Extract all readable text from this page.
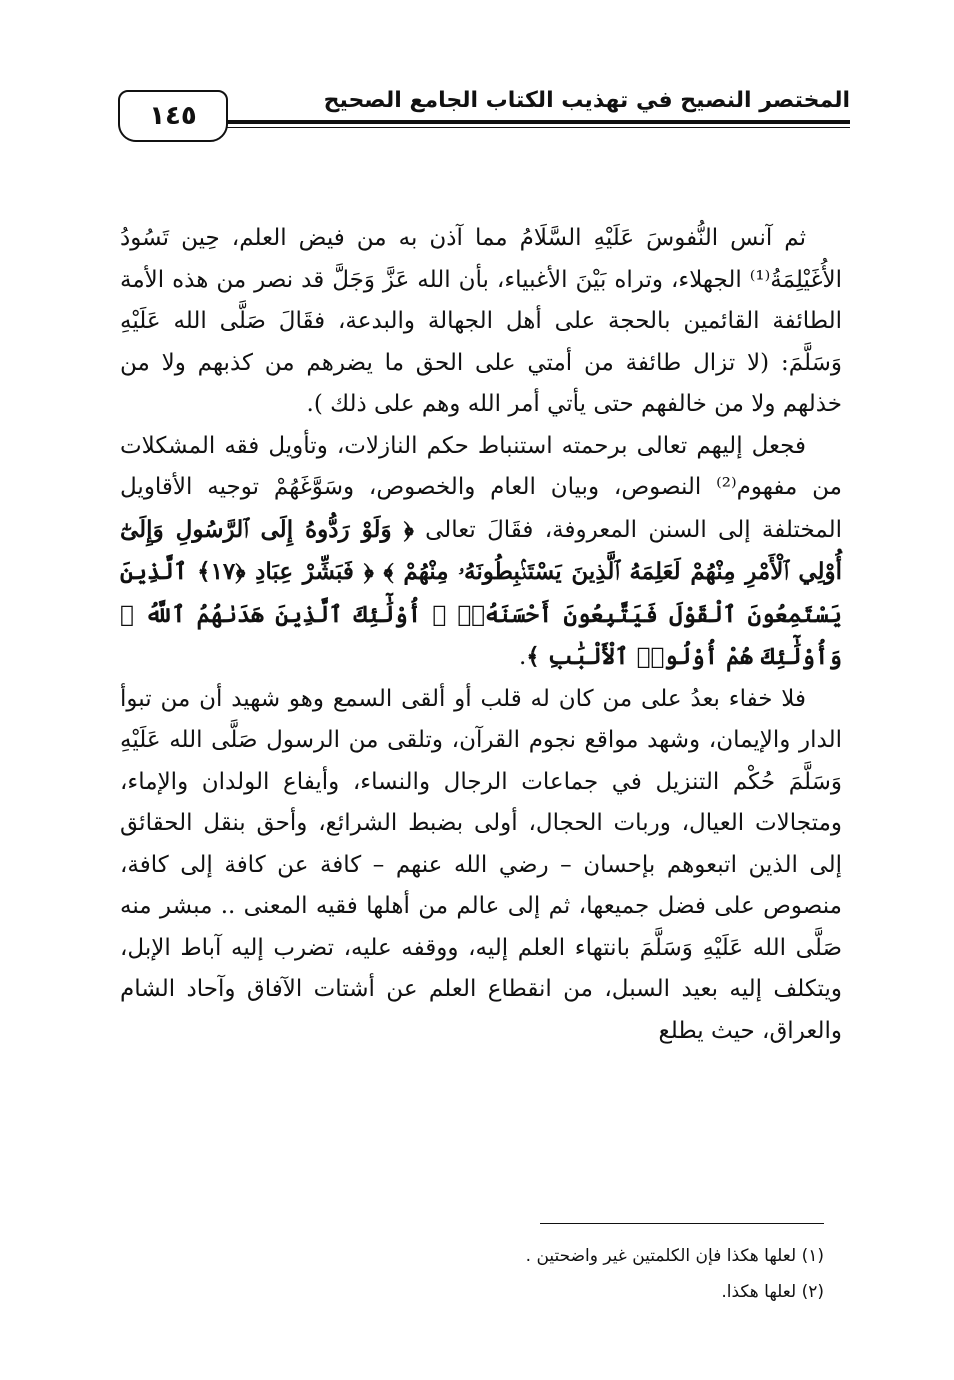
١٤٥
المختصر النصيح في تهذيب الكتاب الجامع الصحيح

ثم آنس النُّفوسَ عَلَيْهِ السَّلَامُ مما آذن به من فيض العلم، حِين تَسُودُ الأُغَيْلِمَةُ⁽¹⁾ الجهلاء، وتراه بَيْنَ الأغبياء، بأن الله عَزَّ وَجَلَّ قد نصر من هذه الأمة الطائفة القائمين بالحجة على أهل الجهالة والبدعة، فقَالَ صَلَّى الله عَلَيْهِ وَسَلَّمَ: (لا تزال طائفة من أمتي على الحق ما يضرهم من كذبهم ولا من خذلهم ولا من خالفهم حتى يأتي أمر الله وهم على ذلك ).

فجعل إليهم تعالى برحمته استنباط حكم النازلات، وتأويل فقه المشكلات من مفهوم⁽²⁾ النصوص، وبيان العام والخصوص، وسَوَّغَهُمْ توجيه الأقاويل المختلفة إلى السنن المعروفة، فقَالَ تعالى ﴿ وَلَوْ رَدُّوهُ إِلَى ٱلرَّسُولِ وَإِلَىٰٓ أُوْلِي ٱلْأَمْرِ مِنْهُمْ لَعَلِمَهُ ٱلَّذِينَ يَسْتَنۢبِطُونَهُۥ مِنْهُمْ ﴾ ﴿ فَبَشِّرْ عِبَادِ ﴿١٧﴾ ٱلَّذِينَ يَسْتَمِعُونَ ٱلْقَوْلَ فَيَتَّبِعُونَ أَحْسَنَهُۥٓ ۚ أُوْلَٰٓئِكَ ٱلَّذِينَ هَدَىٰهُمُ ٱللَّهُ ۖ وَأُوْلَٰٓئِكَ هُمْ أُوْلُوا۟ ٱلْأَلْبَٰبِ ﴾.

فلا خفاء بعدُ على من كان له قلب أو ألقى السمع وهو شهيد أن من تبوأ الدار والإيمان، وشهد مواقع نجوم القرآن، وتلقى من الرسول صَلَّى الله عَلَيْهِ وَسَلَّمَ حُكْم التنزيل في جماعات الرجال والنساء، وأيفاع الولدان والإماء، ومتجالات العيال، وربات الحجال، أولى بضبط الشرائع، وأحق بنقل الحقائق إلى الذين اتبعوهم بإحسان – رضي الله عنهم – كافة عن كافة إلى كافة، منصوص على فضل جميعها، ثم إلى عالم من أهلها فقيه المعنى .. مبشر منه صَلَّى الله عَلَيْهِ وَسَلَّمَ بانتهاء العلم إليه، ووقفه عليه، تضرب إليه آباط الإبل، ويتكلف إليه بعيد السبل، من انقطاع العلم عن أشتات الآفاق وآحاد الشام والعراق، حيث يطلع

(١) لعلها هكذا فإن الكلمتين غير واضحتين .
(٢) لعلها هكذا.
